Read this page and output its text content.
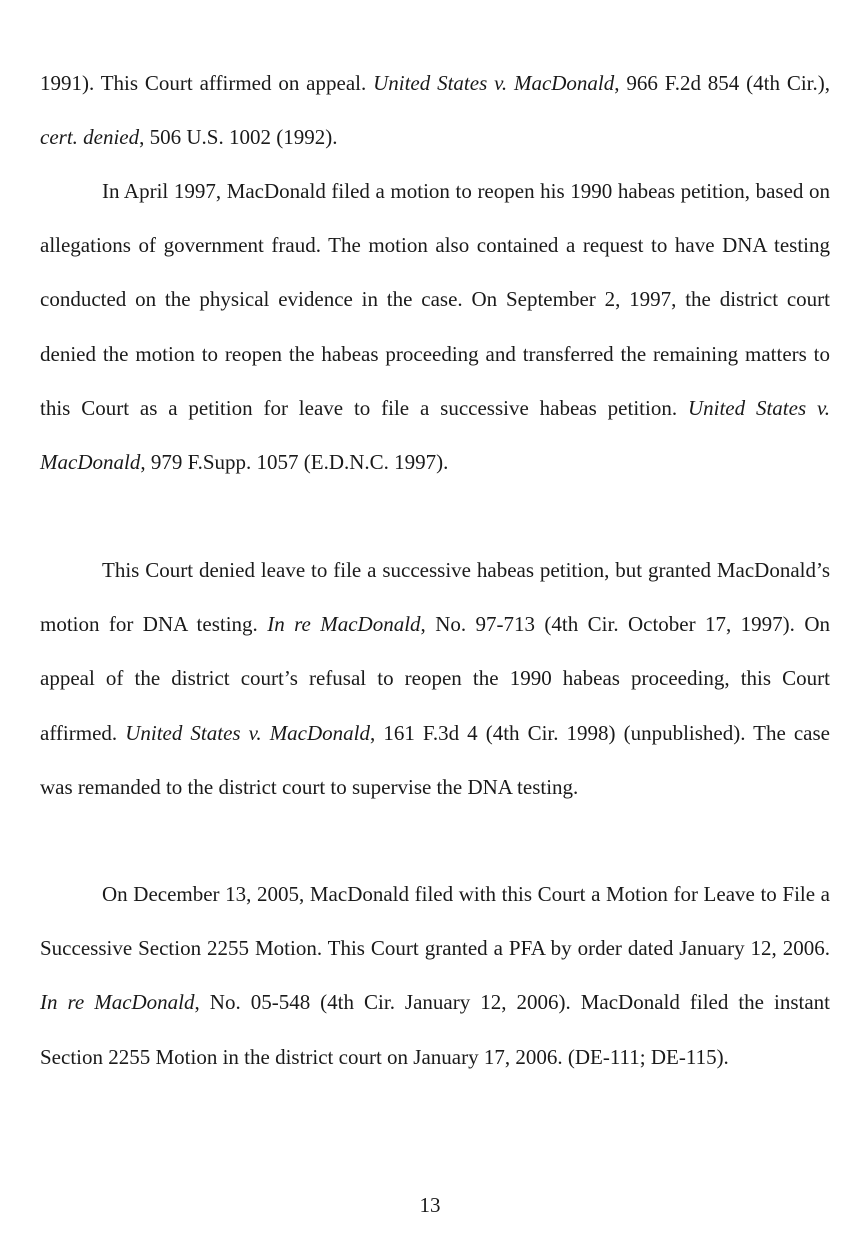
1991). This Court affirmed on appeal. United States v. MacDonald, 966 F.2d 854 (4th Cir.), cert. denied, 506 U.S. 1002 (1992).

In April 1997, MacDonald filed a motion to reopen his 1990 habeas petition, based on allegations of government fraud. The motion also contained a request to have DNA testing conducted on the physical evidence in the case. On September 2, 1997, the district court denied the motion to reopen the habeas proceeding and transferred the remaining matters to this Court as a petition for leave to file a successive habeas petition. United States v. MacDonald, 979 F.Supp. 1057 (E.D.N.C. 1997).

This Court denied leave to file a successive habeas petition, but granted MacDonald’s motion for DNA testing. In re MacDonald, No. 97-713 (4th Cir. October 17, 1997). On appeal of the district court’s refusal to reopen the 1990 habeas proceeding, this Court affirmed. United States v. MacDonald, 161 F.3d 4 (4th Cir. 1998) (unpublished). The case was remanded to the district court to supervise the DNA testing.

On December 13, 2005, MacDonald filed with this Court a Motion for Leave to File a Successive Section 2255 Motion. This Court granted a PFA by order dated January 12, 2006. In re MacDonald, No. 05-548 (4th Cir. January 12, 2006). MacDonald filed the instant Section 2255 Motion in the district court on January 17, 2006. (DE-111; DE-115).

13
